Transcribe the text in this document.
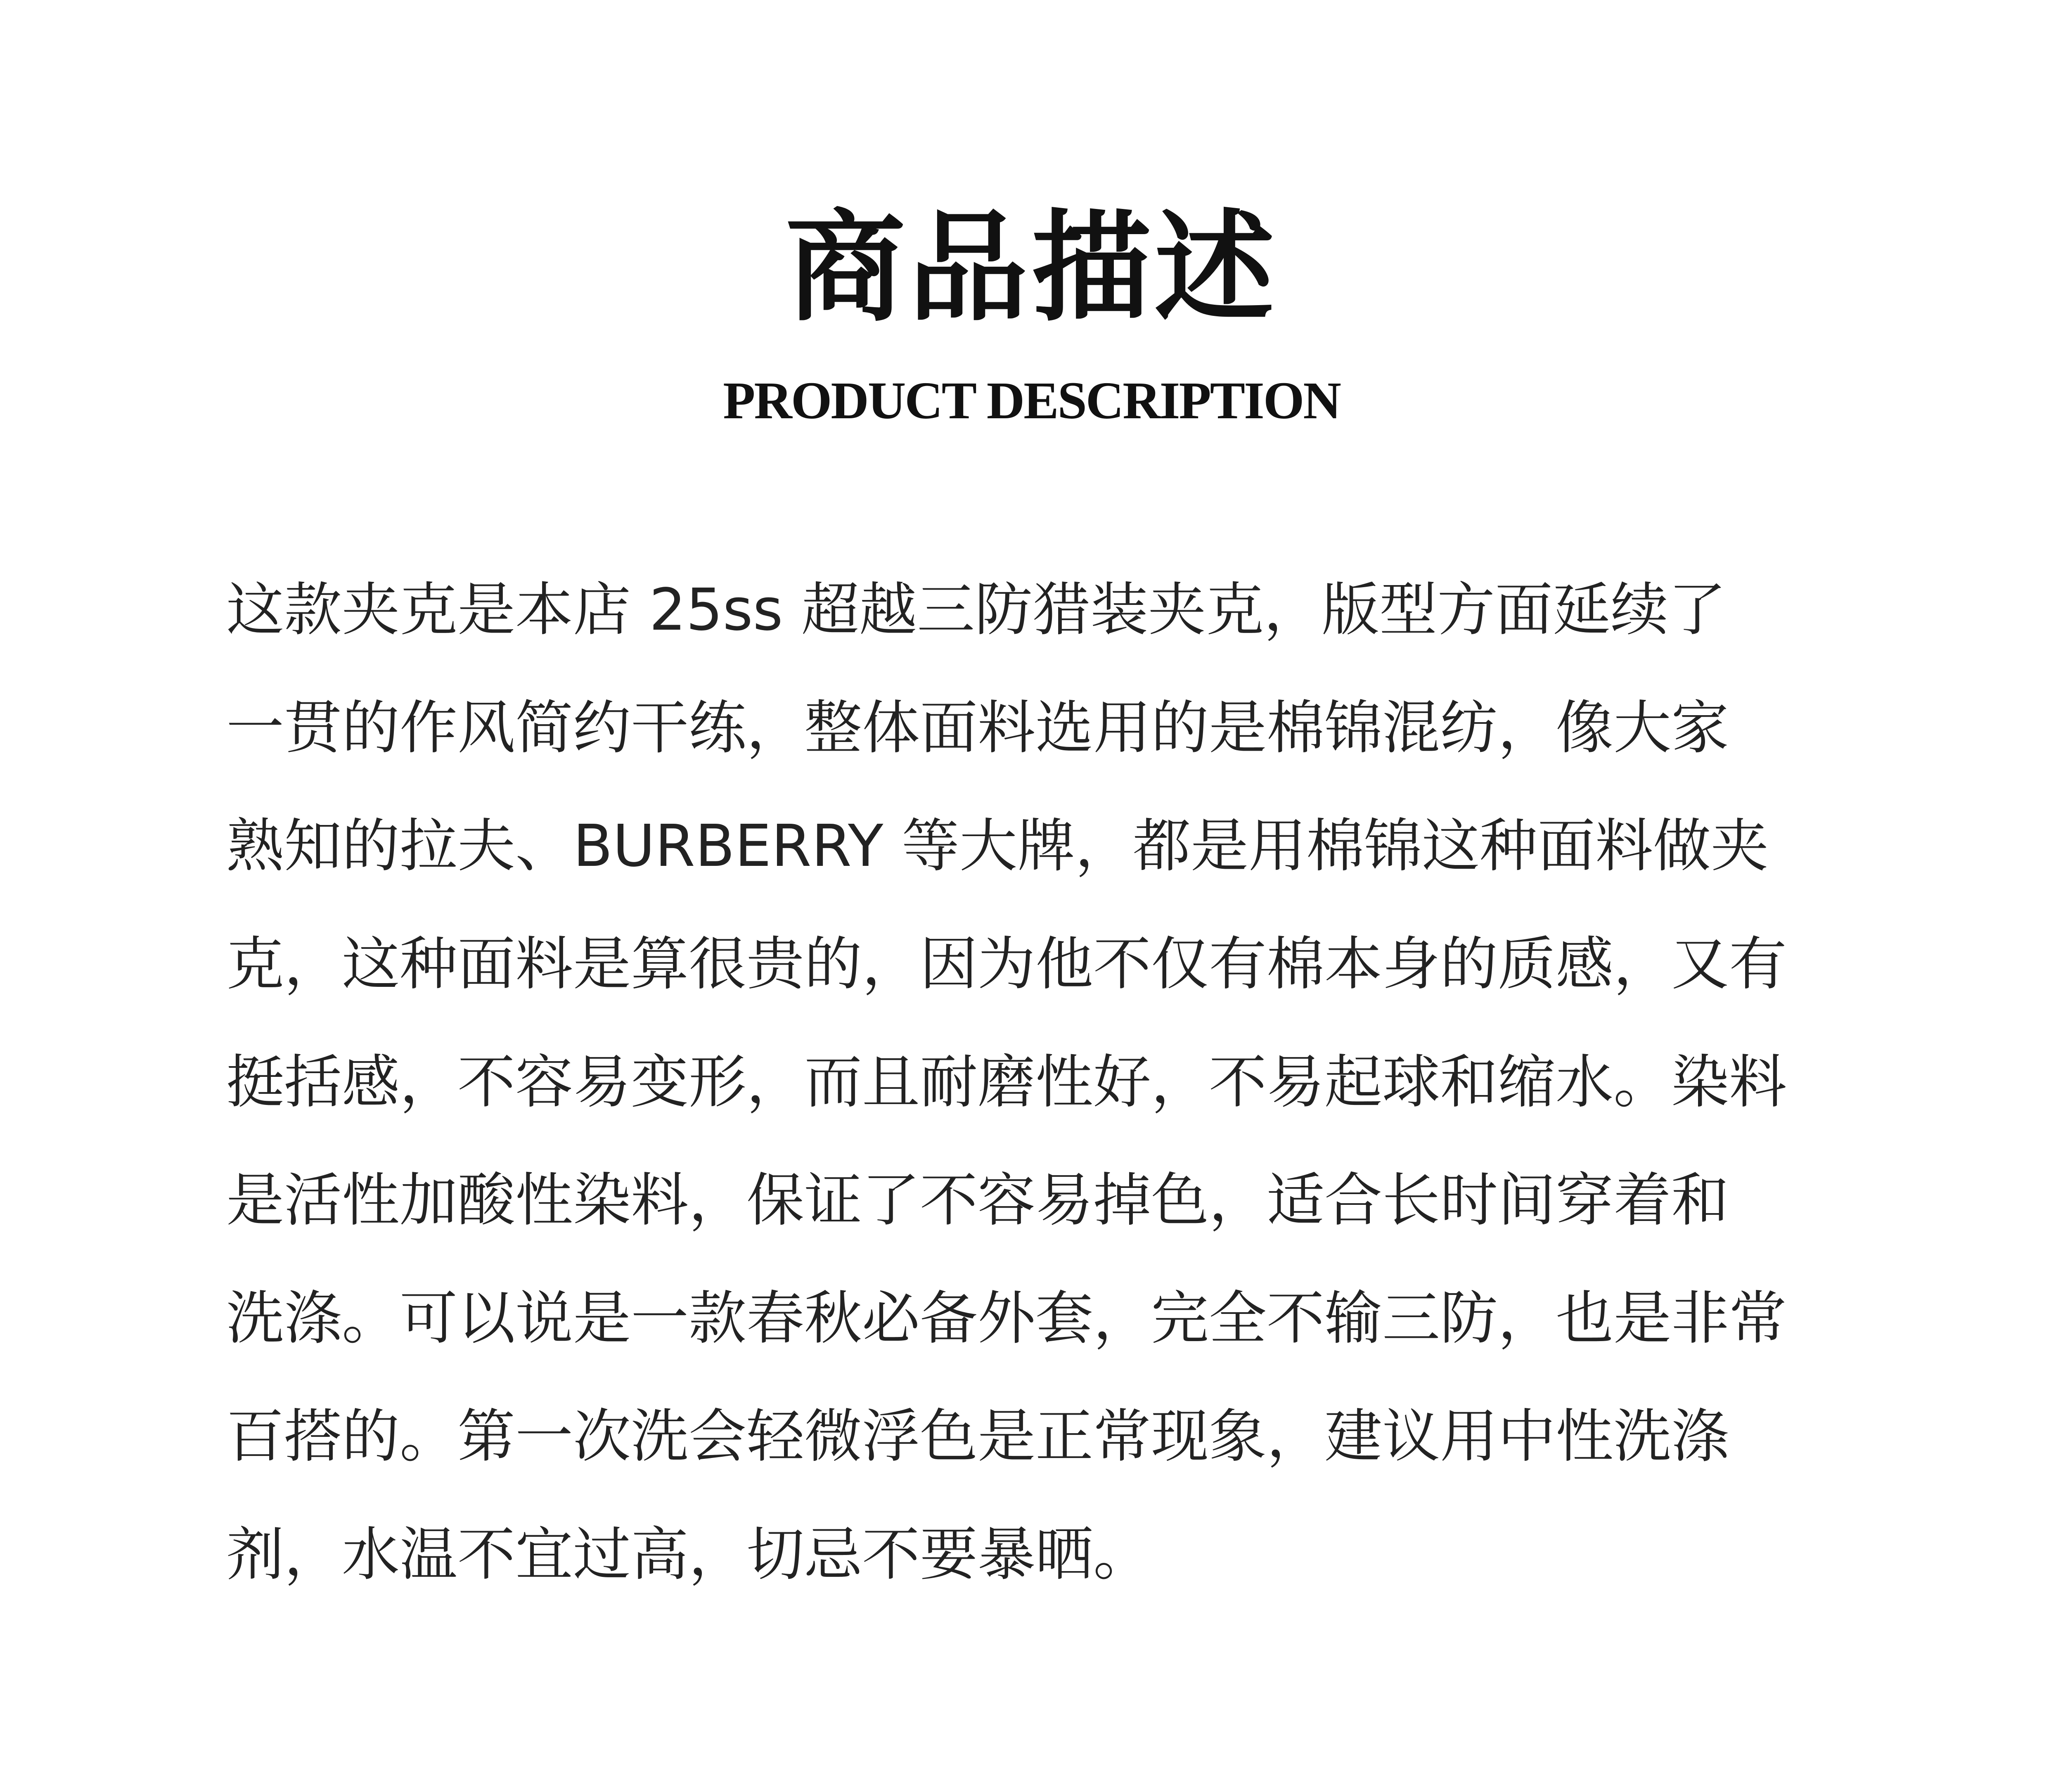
商品描述
PRODUCT DESCRIPTION

这款夹克是本店 25ss 超越三防猎装夹克，版型方面延续了

一贯的作风简约干练，整体面料选用的是棉锦混纺，像大家

熟知的拉夫、BURBERRY 等大牌，都是用棉锦这种面料做夹

克，这种面料是算很贵的，因为他不仅有棉本身的质感，又有

挺括感，不容易变形，而且耐磨性好，不易起球和缩水。染料

是活性加酸性染料，保证了不容易掉色，适合长时间穿着和

洗涤。可以说是一款春秋必备外套，完全不输三防，也是非常

百搭的。第一次洗会轻微浮色是正常现象，建议用中性洗涤

剂，水温不宜过高，切忌不要暴晒。
